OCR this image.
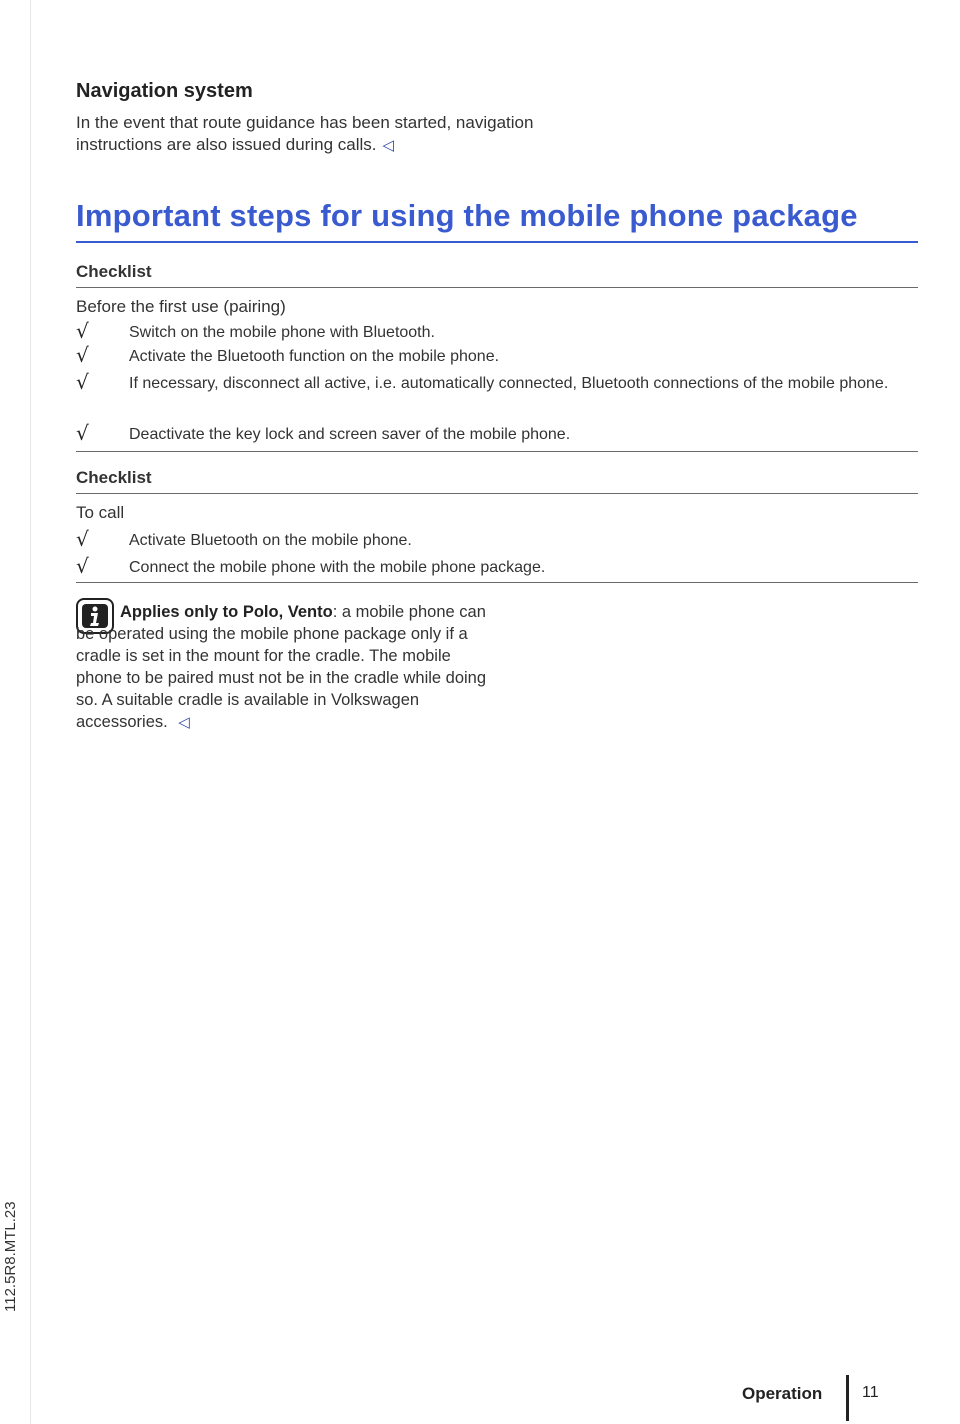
112.5R8.MTL.23
Navigation system
In the event that route guidance has been started, navigation instructions are also issued during calls. ◁
Important steps for using the mobile phone package
Checklist
Before the first use (pairing)
√	Switch on the mobile phone with Bluetooth.
√	Activate the Bluetooth function on the mobile phone.
√	If necessary, disconnect all active, i.e. automatically connected, Bluetooth connections of the mobile phone.
√	Deactivate the key lock and screen saver of the mobile phone.
Checklist
To call
√	Activate Bluetooth on the mobile phone.
√	Connect the mobile phone with the mobile phone package.
Applies only to Polo, Vento: a mobile phone can be operated using the mobile phone package only if a cradle is set in the mount for the cradle. The mobile phone to be paired must not be in the cradle while doing so. A suitable cradle is available in Volkswagen accessories. ◁
Operation 11
